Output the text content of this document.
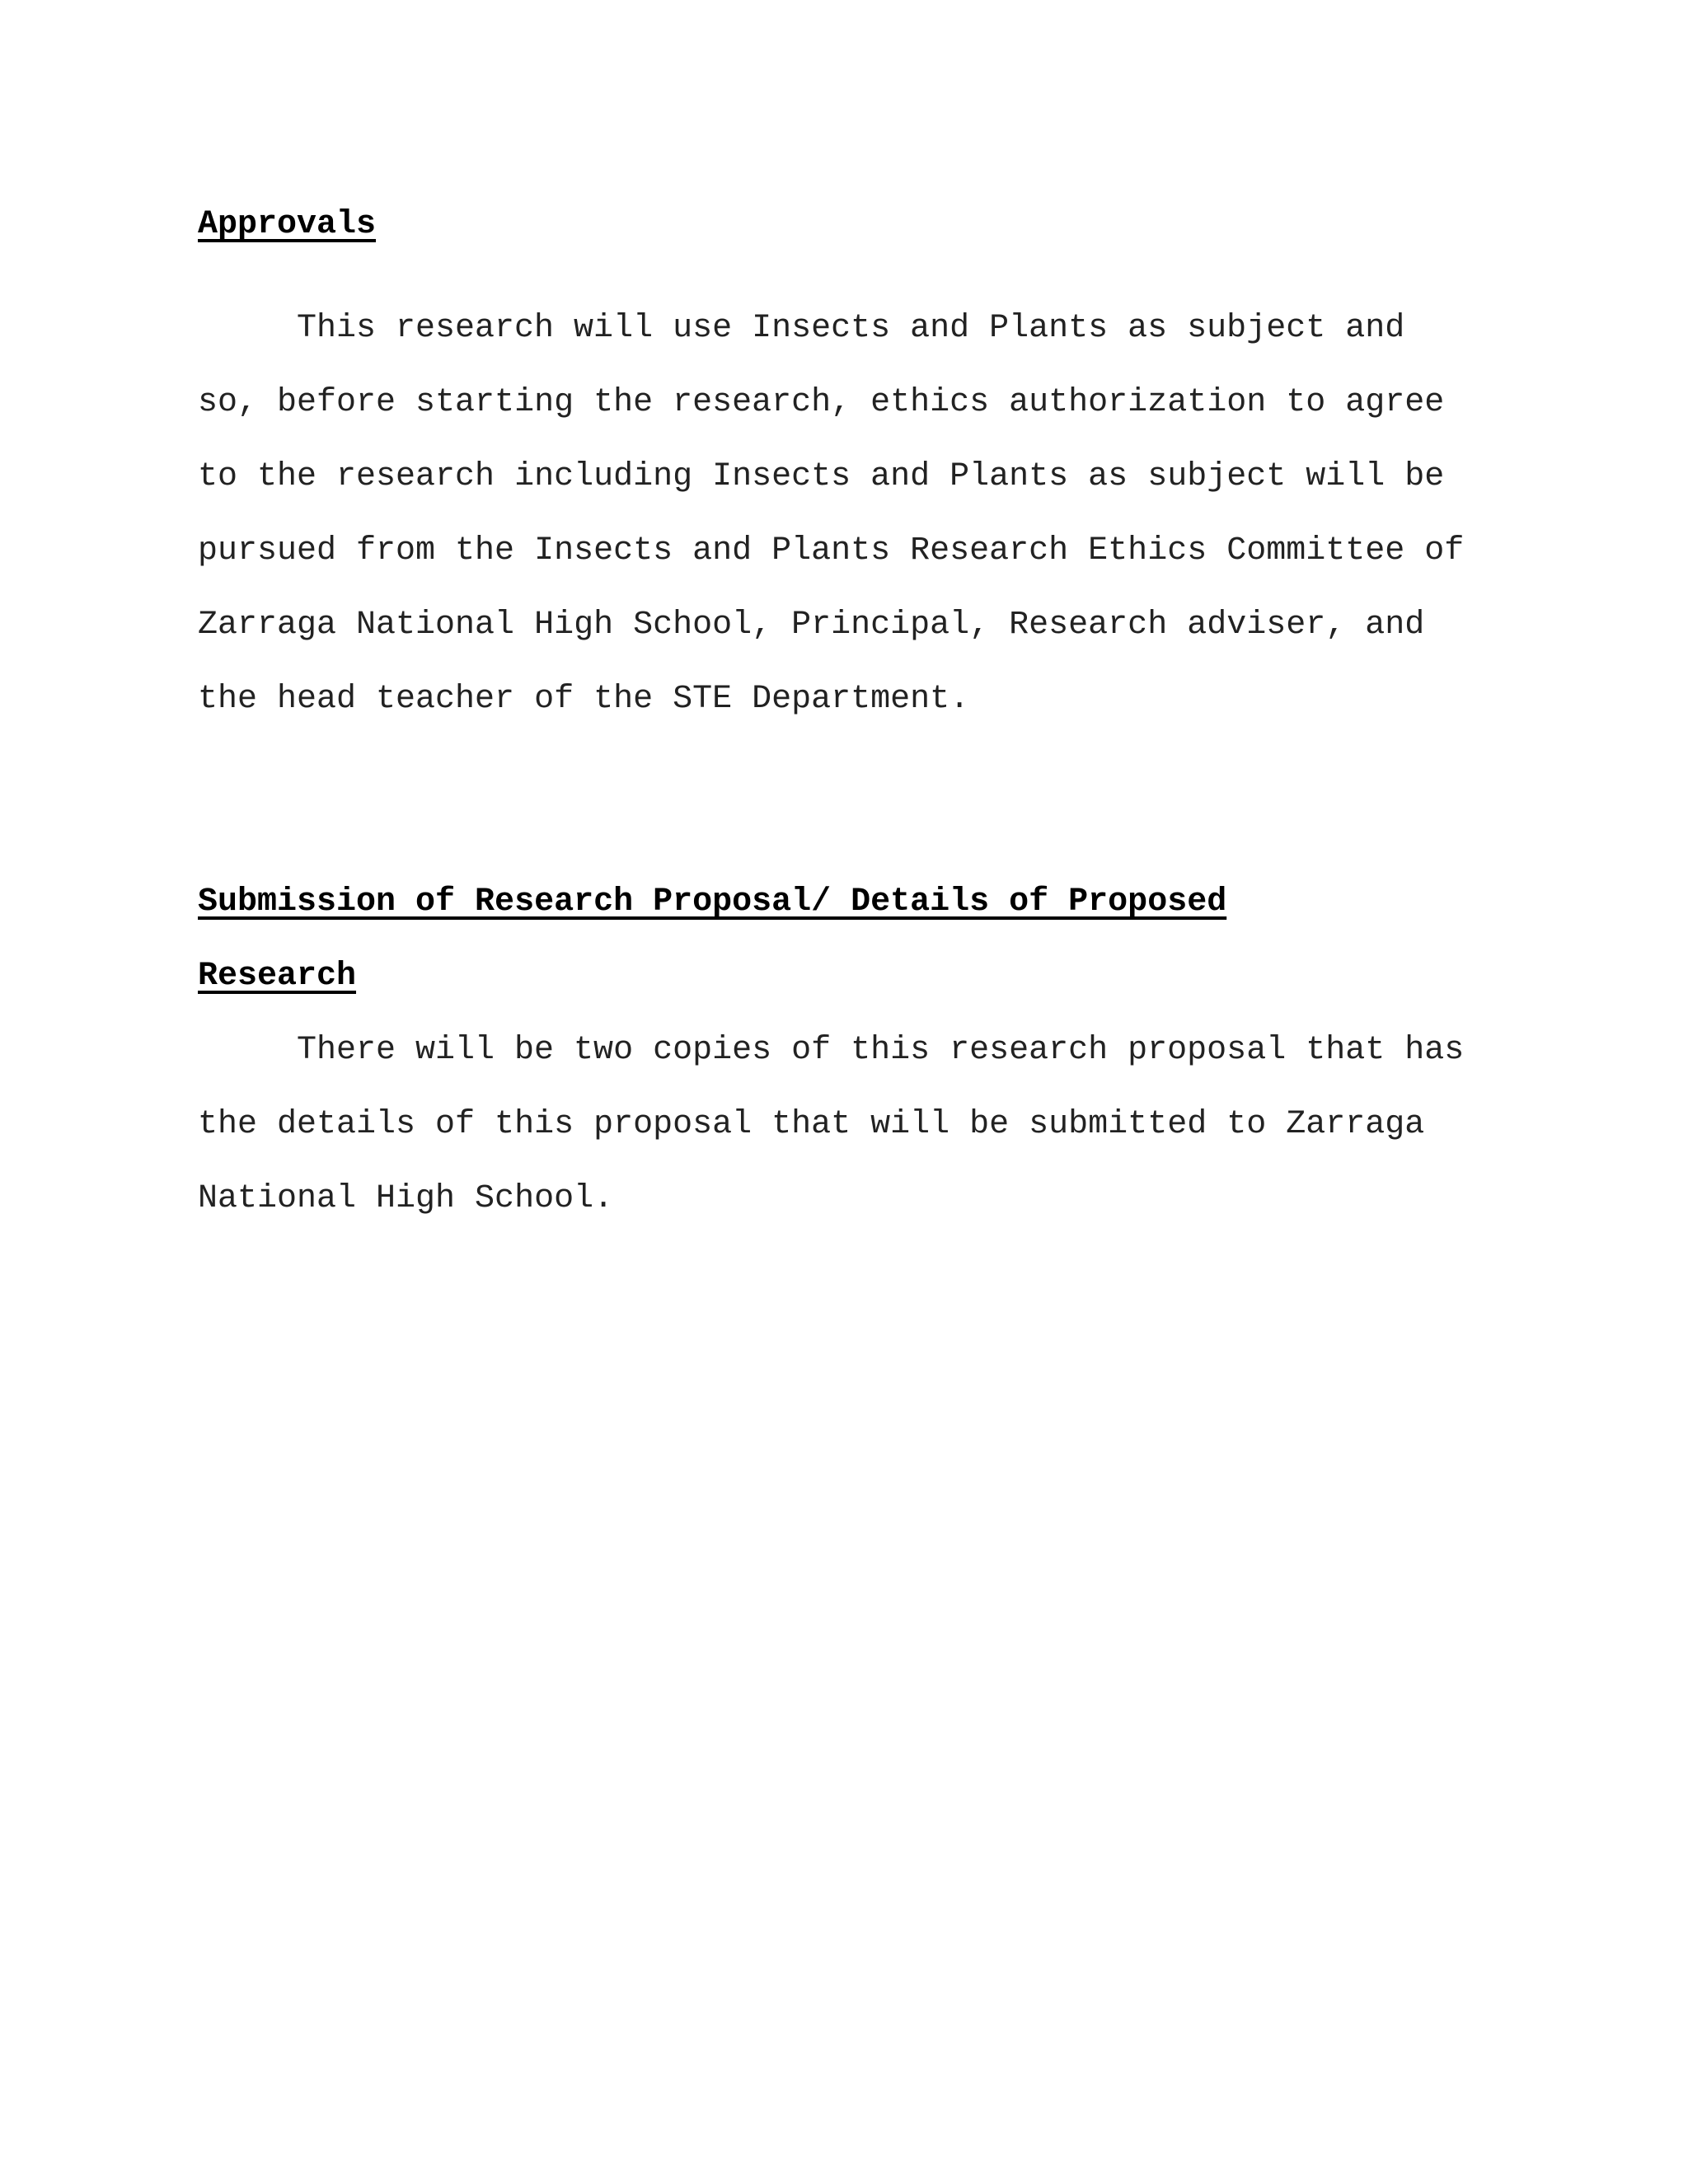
Approvals

This research will use Insects and Plants as subject and
so, before starting the research, ethics authorization to agree
to the research including Insects and Plants as subject will be
pursued from the Insects and Plants Research Ethics Committee of
Zarraga National High School, Principal, Research adviser, and
the head teacher of the STE Department.

Submission of Research Proposal/ Details of Proposed
Research

There will be two copies of this research proposal that has
the details of this proposal that will be submitted to Zarraga
National High School.
